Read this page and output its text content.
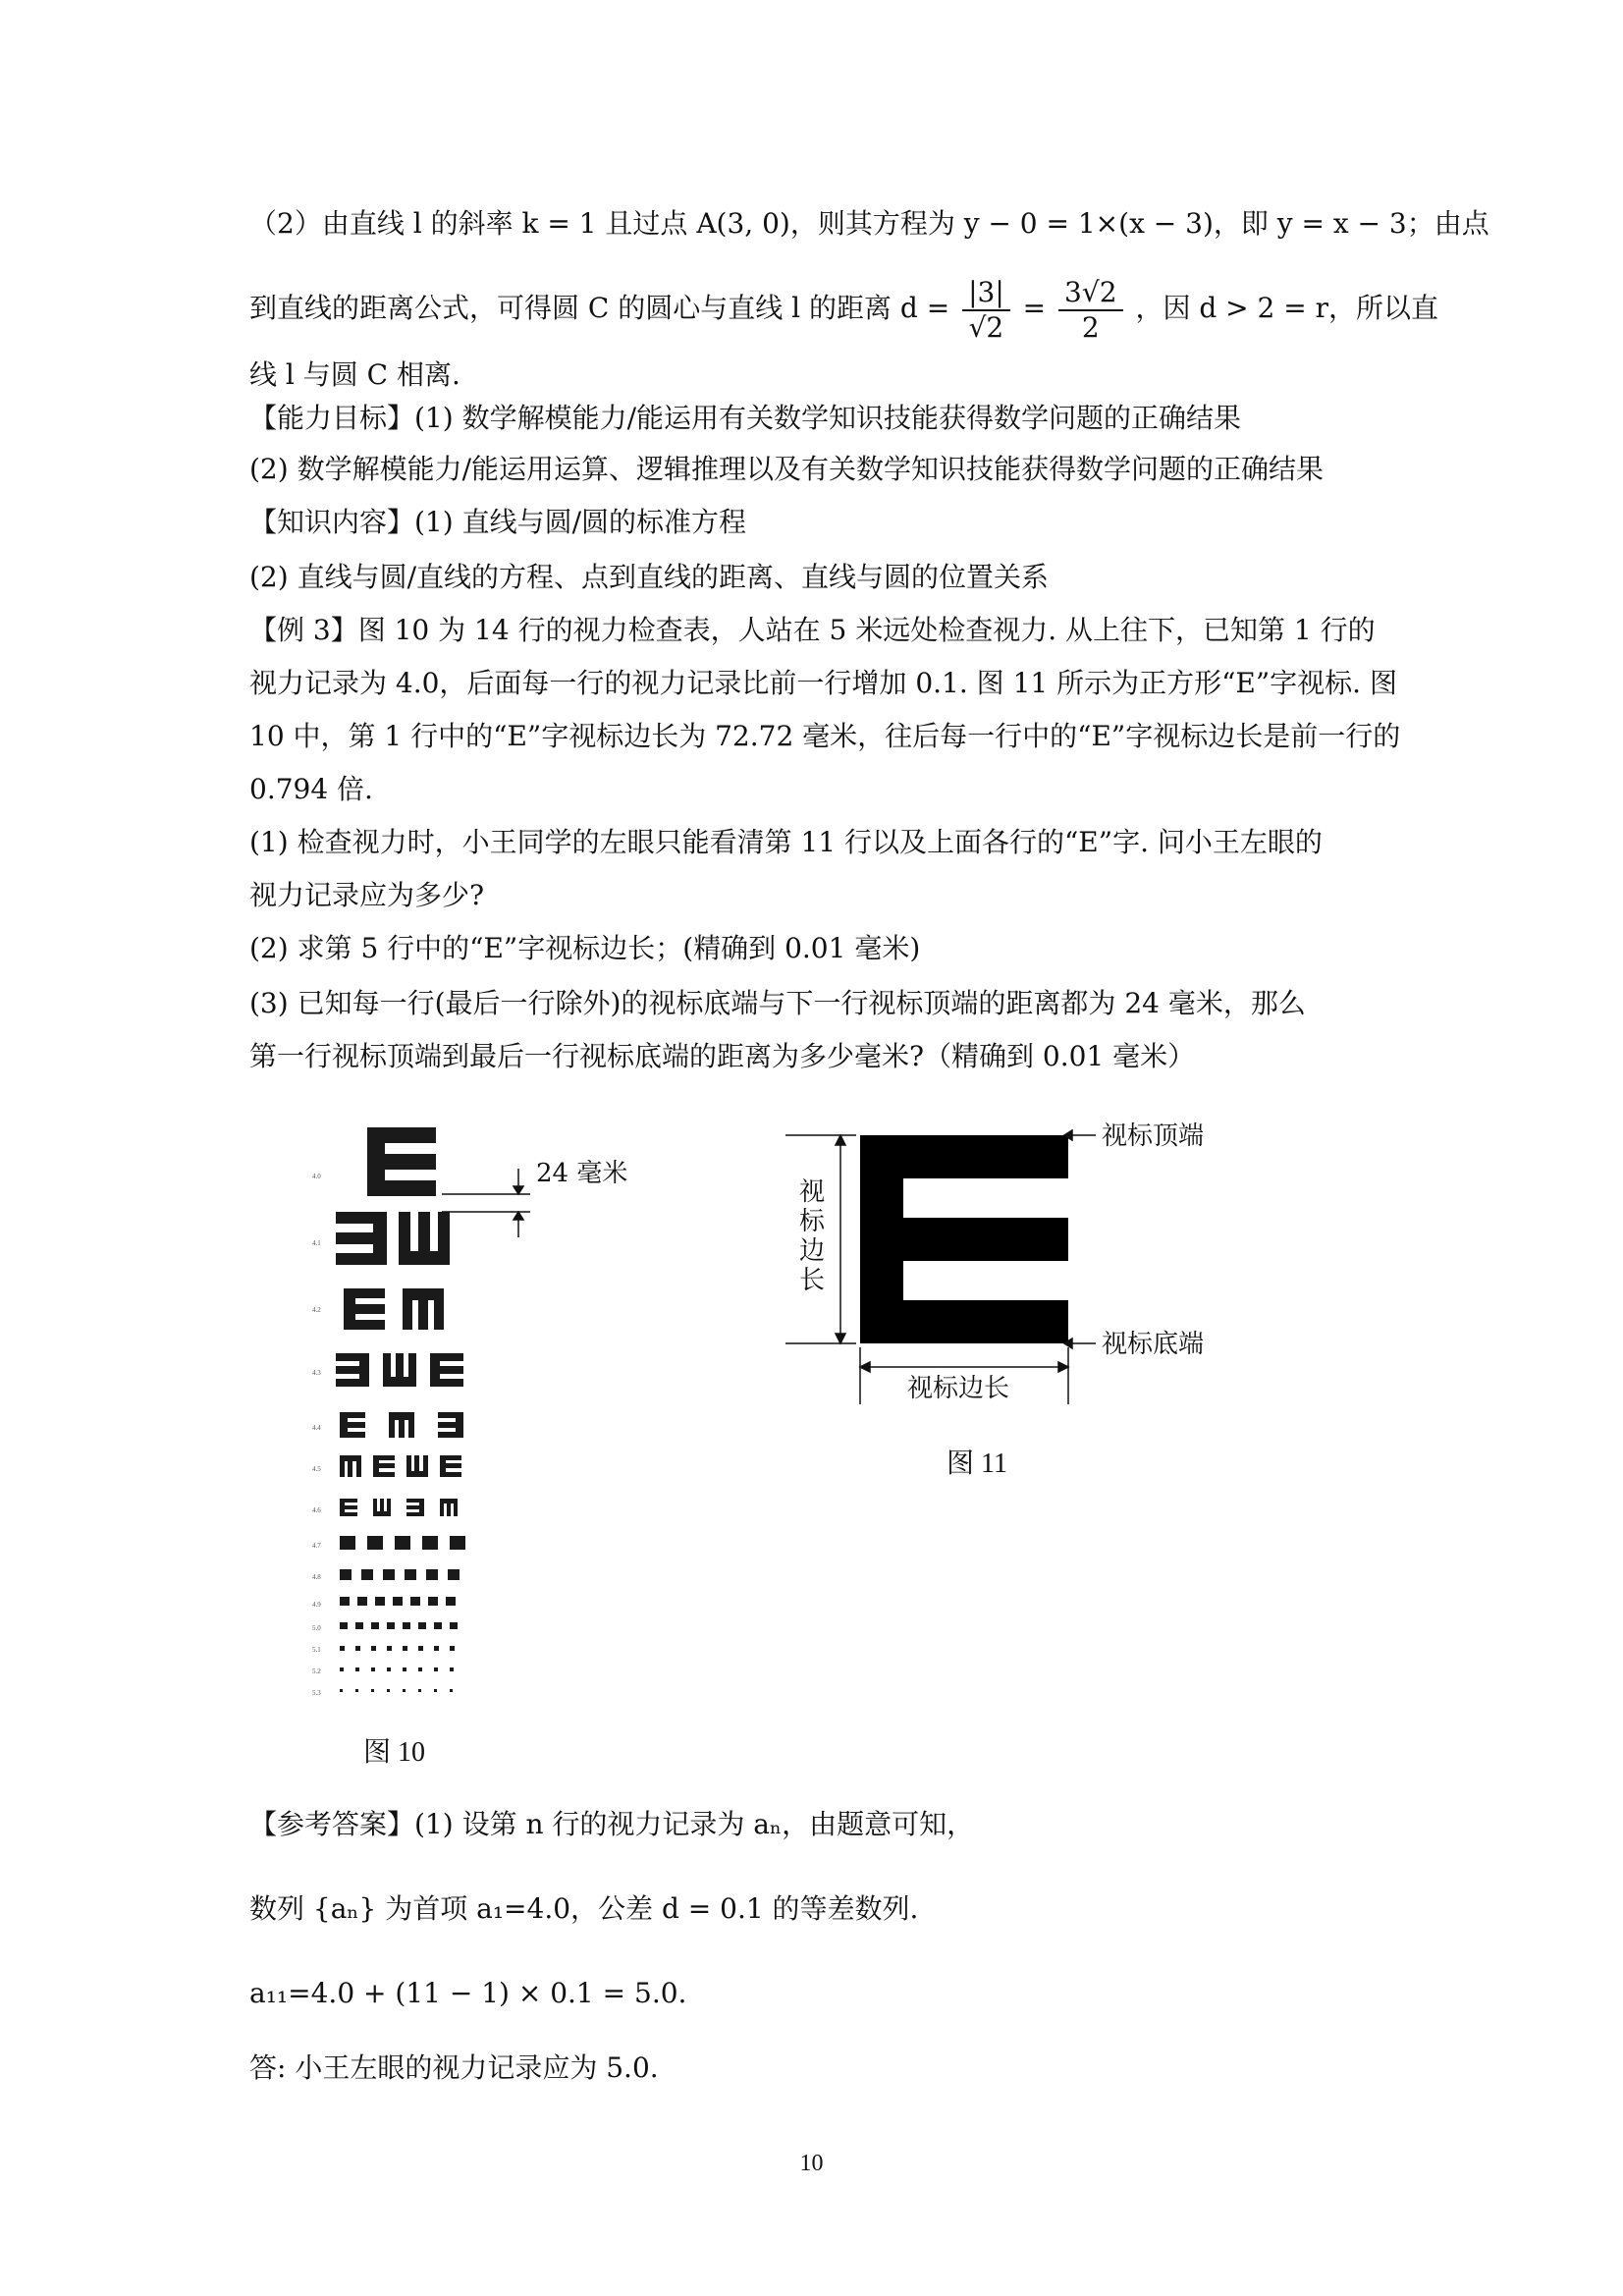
（2）由直线 l 的斜率 k = 1 且过点 A(3, 0)，则其方程为 y − 0 = 1×(x − 3)，即 y = x − 3；由点
到直线的距离公式，可得圆 C 的圆心与直线 l 的距离 $d = \frac{|3|}{√2} = \frac{3√2}{2}$ ，因 d > 2 = r，所以直
线 l 与圆 C 相离.
【能力目标】(1) 数学解模能力/能运用有关数学知识技能获得数学问题的正确结果
(2) 数学解模能力/能运用运算、逻辑推理以及有关数学知识技能获得数学问题的正确结果
【知识内容】(1) 直线与圆/圆的标准方程
(2) 直线与圆/直线的方程、点到直线的距离、直线与圆的位置关系
【例 3】图 10 为 14 行的视力检查表，人站在 5 米远处检查视力. 从上往下，已知第 1 行的
视力记录为 4.0，后面每一行的视力记录比前一行增加 0.1. 图 11 所示为正方形“E”字视标. 图
10 中，第 1 行中的“E”字视标边长为 72.72 毫米，往后每一行中的“E”字视标边长是前一行的
0.794 倍.
(1) 检查视力时，小王同学的左眼只能看清第 11 行以及上面各行的“E”字. 问小王左眼的
视力记录应为多少?
(2) 求第 5 行中的“E”字视标边长；(精确到 0.01 毫米)
(3) 已知每一行(最后一行除外)的视标底端与下一行视标顶端的距离都为 24 毫米，那么
第一行视标顶端到最后一行视标底端的距离为多少毫米?（精确到 0.01 毫米）
4.0
4.1
4.2
4.3
4.4
4.5
4.6
4.7
4.8
4.9
5.0
5.1
5.2
5.3
24 毫米
图 10
视标顶端
视标底端
视
标
边
长
视标边长
图 11
【参考答案】(1) 设第 n 行的视力记录为 aₙ，由题意可知，
数列 {aₙ} 为首项 a₁=4.0，公差 d = 0.1 的等差数列.
a₁₁=4.0 + (11 − 1) × 0.1 = 5.0.
答: 小王左眼的视力记录应为 5.0.
10
